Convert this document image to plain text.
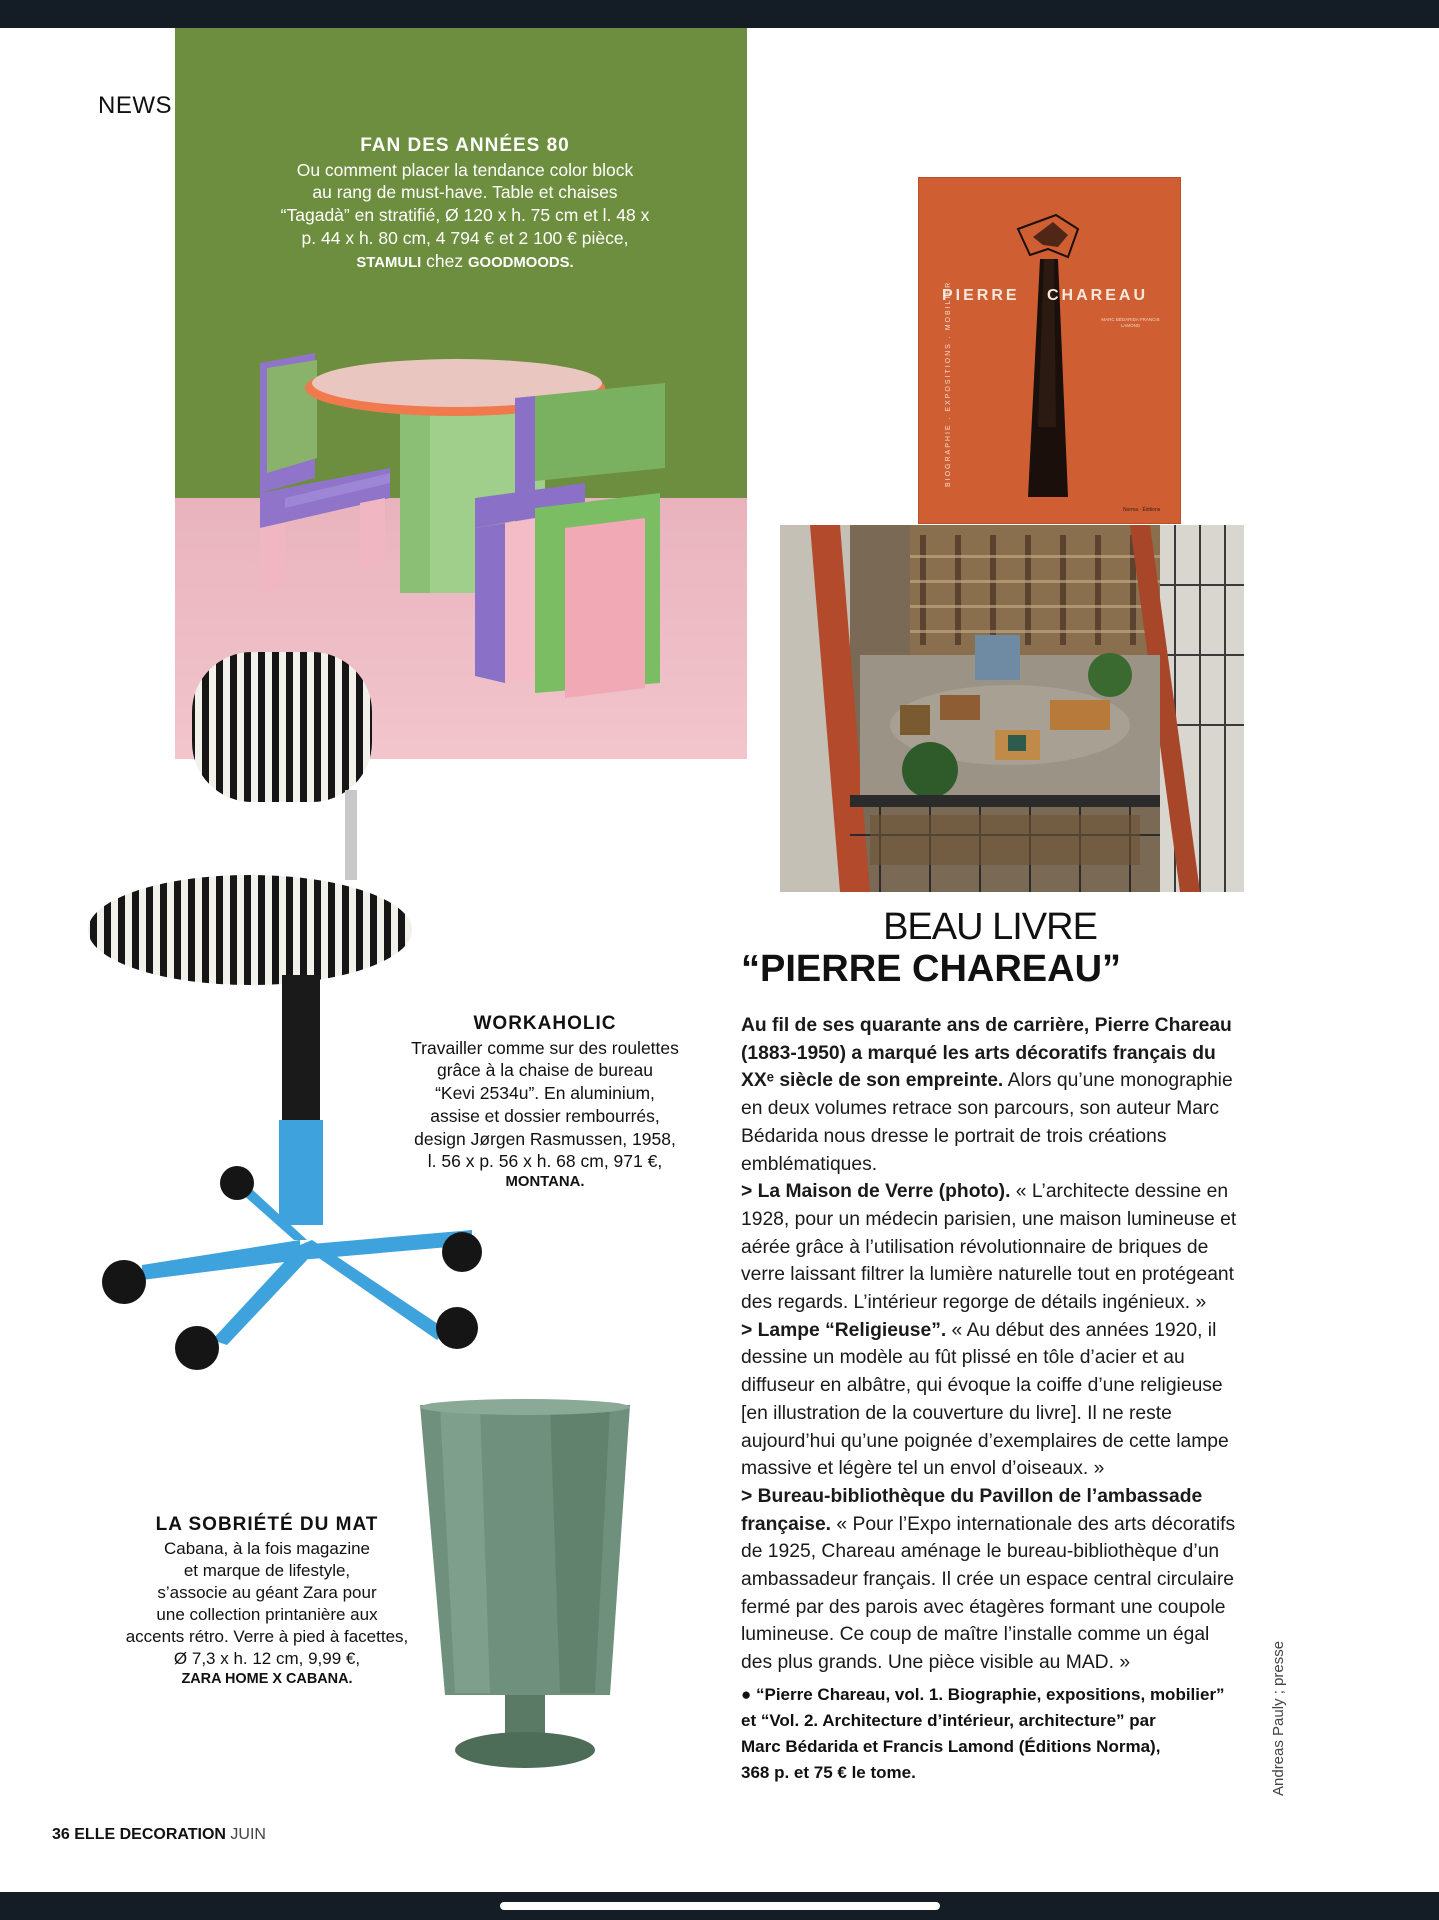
NEWS
FAN DES ANNÉES 80
Ou comment placer la tendance color block
au rang de must-have. Table et chaises
“Tagadà” en stratifié, Ø 120 x h. 75 cm et l. 48 x
p. 44 x h. 80 cm, 4 794 € et 2 100 € pièce,
STAMULI chez GOODMOODS.
PIERRE CHAREAU
MARC BÉDARIDA FRANCIS LAMOND
BIOGRAPHIE . EXPOSITIONS . MOBILIER
Norma · Éditions
WORKAHOLIC
Travailler comme sur des roulettes
grâce à la chaise de bureau
“Kevi 2534u”. En aluminium,
assise et dossier rembourrés,
design Jørgen Rasmussen, 1958,
l. 56 x p. 56 x h. 68 cm, 971 €,
MONTANA.
LA SOBRIÉTÉ DU MAT
Cabana, à la fois magazine
et marque de lifestyle,
s’associe au géant Zara pour
une collection printanière aux
accents rétro. Verre à pied à facettes,
Ø 7,3 x h. 12 cm, 9,99 €,
ZARA HOME X CABANA.
BEAU LIVRE
“PIERRE CHAREAU”

Au fil de ses quarante ans de carrière, Pierre Chareau (1883-1950) a marqué les arts décoratifs français du XXᵉ siècle de son empreinte. Alors qu’une monographie en deux volumes retrace son parcours, son auteur Marc Bédarida nous dresse le portrait de trois créations emblématiques.

> La Maison de Verre (photo). « L’architecte dessine en 1928, pour un médecin parisien, une maison lumineuse et aérée grâce à l’utilisation révolutionnaire de briques de verre laissant filtrer la lumière naturelle tout en protégeant des regards. L’intérieur regorge de détails ingénieux. »

> Lampe “Religieuse”. « Au début des années 1920, il dessine un modèle au fût plissé en tôle d’acier et au diffuseur en albâtre, qui évoque la coiffe d’une religieuse [en illustration de la couverture du livre]. Il ne reste aujourd’hui qu’une poignée d’exemplaires de cette lampe massive et légère tel un envol d’oiseaux. »

> Bureau-bibliothèque du Pavillon de l’ambassade française. « Pour l’Expo internationale des arts décoratifs de 1925, Chareau aménage le bureau-bibliothèque d’un ambassadeur français. Il crée un espace central circulaire fermé par des parois avec étagères formant une coupole lumineuse. Ce coup de maître l’installe comme un égal des plus grands. Une pièce visible au MAD. »

● “Pierre Chareau, vol. 1. Biographie, expositions, mobilier”
et “Vol. 2. Architecture d’intérieur, architecture” par
Marc Bédarida et Francis Lamond (Éditions Norma),
368 p. et 75 € le tome.	Andreas Pauly ; presse
36 ELLE DECORATION JUIN
